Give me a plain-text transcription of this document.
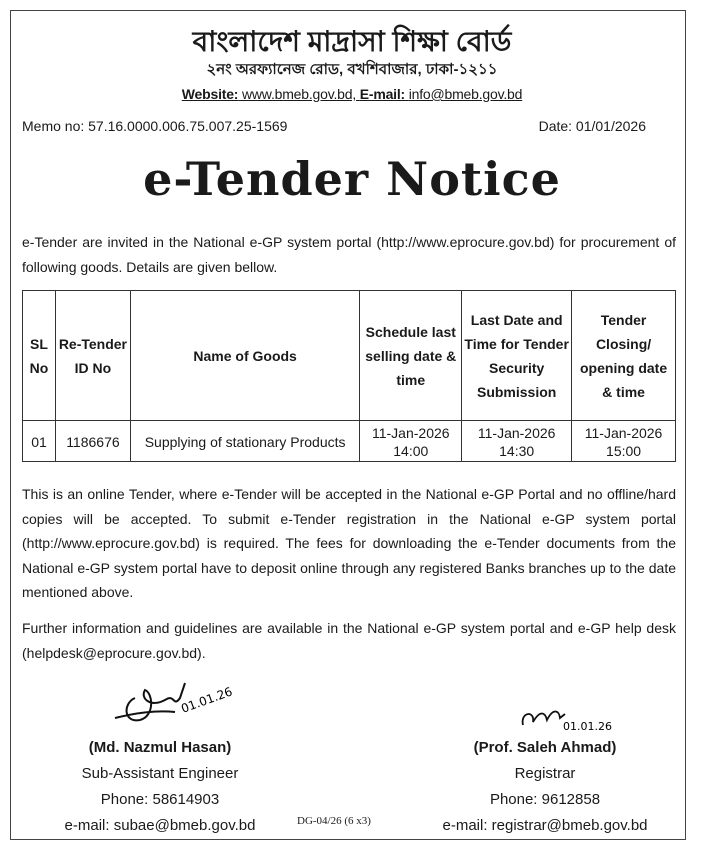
বাংলাদেশ মাদ্রাসা শিক্ষা বোর্ড
২নং অরফ্যানেজ রোড, বখশিবাজার, ঢাকা-১২১১
Website: www.bmeb.gov.bd, E-mail: info@bmeb.gov.bd
Memo no: 57.16.0000.006.75.007.25-1569	Date: 01/01/2026
e-Tender Notice
e-Tender are invited in the National e-GP system portal (http://www.eprocure.gov.bd) for procurement of following goods. Details are given bellow.
SL No	Re-Tender ID No	Name of Goods	Schedule last selling date & time	Last Date and Time for Tender Security Submission	Tender Closing/ opening date & time
01	1186676	Supplying of stationary Products	11-Jan-2026 14:00	11-Jan-2026 14:30	11-Jan-2026 15:00
This is an online Tender, where e-Tender will be accepted in the National e-GP Portal and no offline/hard copies will be accepted. To submit e-Tender registration in the National e-GP system portal (http://www.eprocure.gov.bd) is required. The fees for downloading the e-Tender documents from the National e-GP system portal have to deposit online through any registered Banks branches up to the date mentioned above.
Further information and guidelines are available in the National e-GP system portal and e-GP help desk (helpdesk@eprocure.gov.bd).
01.01.26
01.01.26
(Md. Nazmul Hasan)
Sub-Assistant Engineer
Phone: 58614903
e-mail: subae@bmeb.gov.bd
(Prof. Saleh Ahmad)
Registrar
Phone: 9612858
e-mail: registrar@bmeb.gov.bd
DG-04/26 (6 x3)
